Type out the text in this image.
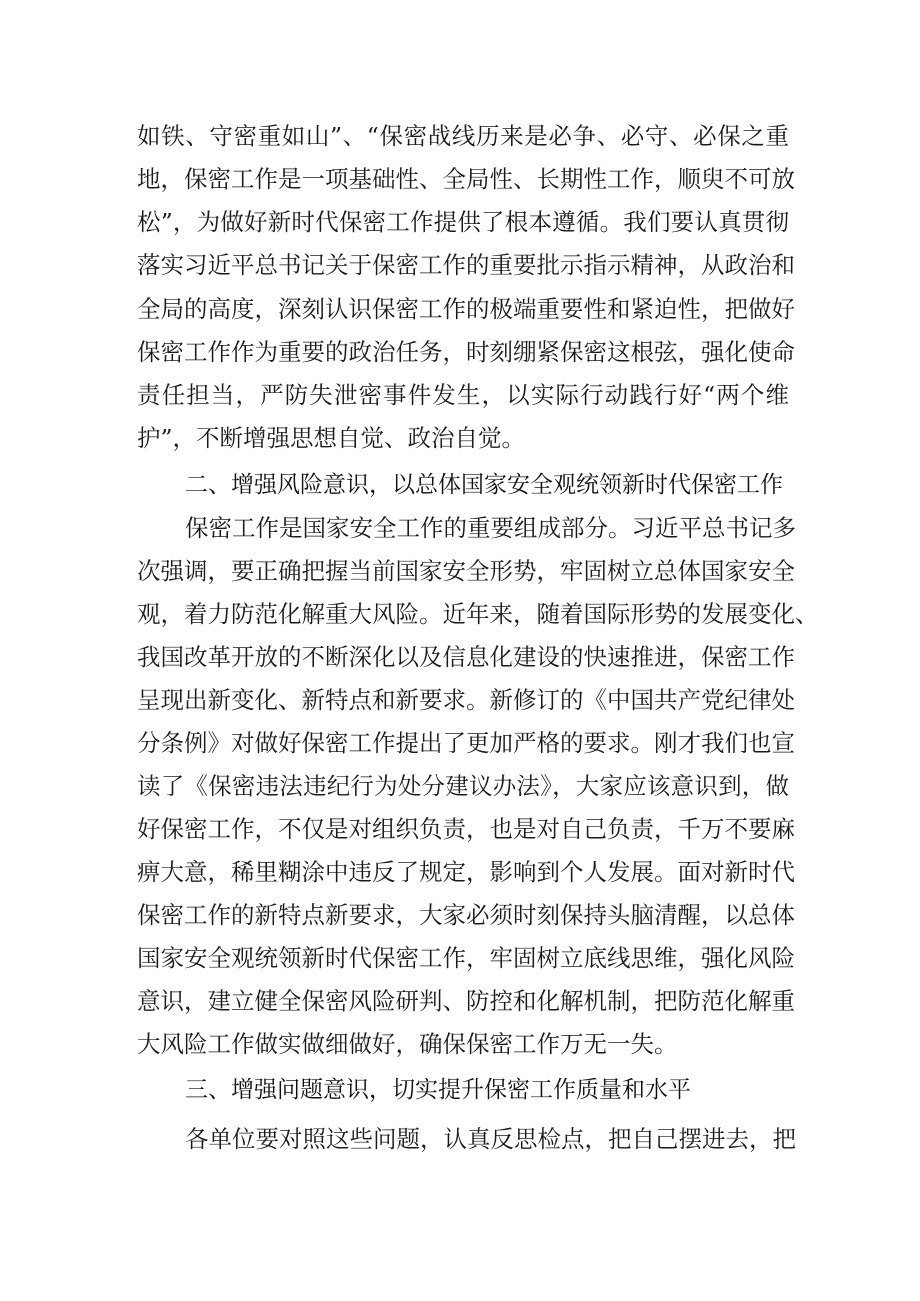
如铁、守密重如山”、“保密战线历来是必争、必守、必保之重
地，保密工作是一项基础性、全局性、长期性工作，顺臾不可放
松”，为做好新时代保密工作提供了根本遵循。我们要认真贯彻
落实习近平总书记关于保密工作的重要批示指示精神，从政治和
全局的高度，深刻认识保密工作的极端重要性和紧迫性，把做好
保密工作作为重要的政治任务，时刻绷紧保密这根弦，强化使命
责任担当，严防失泄密事件发生，以实际行动践行好“两个维
护”，不断增强思想自觉、政治自觉。
二、增强风险意识，以总体国家安全观统领新时代保密工作
保密工作是国家安全工作的重要组成部分。习近平总书记多
次强调，要正确把握当前国家安全形势，牢固树立总体国家安全
观，着力防范化解重大风险。近年来，随着国际形势的发展变化、
我国改革开放的不断深化以及信息化建设的快速推进，保密工作
呈现出新变化、新特点和新要求。新修订的《中国共产党纪律处
分条例》对做好保密工作提出了更加严格的要求。刚才我们也宣
读了《保密违法违纪行为处分建议办法》，大家应该意识到，做
好保密工作，不仅是对组织负责，也是对自己负责，千万不要麻
痹大意，稀里糊涂中违反了规定，影响到个人发展。面对新时代
保密工作的新特点新要求，大家必须时刻保持头脑清醒，以总体
国家安全观统领新时代保密工作，牢固树立底线思维，强化风险
意识，建立健全保密风险研判、防控和化解机制，把防范化解重
大风险工作做实做细做好，确保保密工作万无一失。
三、增强问题意识，切实提升保密工作质量和水平
各单位要对照这些问题，认真反思检点，把自己摆进去，把
